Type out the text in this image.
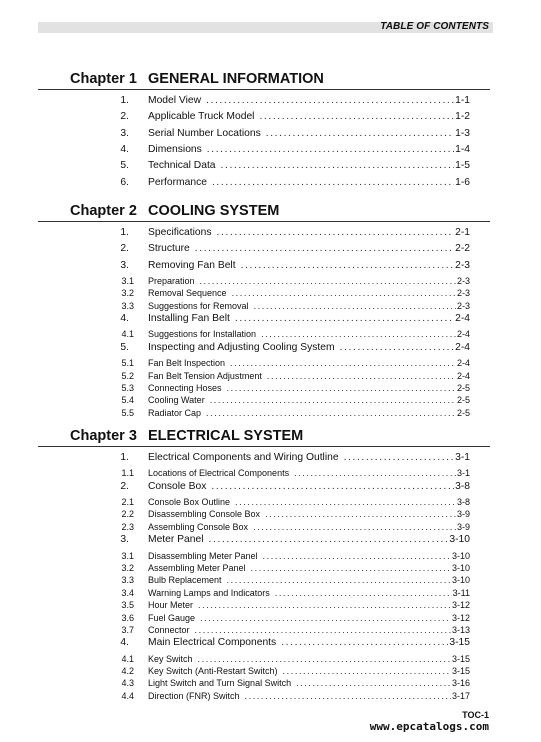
TABLE OF CONTENTS
Chapter 1 GENERAL INFORMATION
1. Model View .....	1-1
2. Applicable Truck Model .....	1-2
3. Serial Number Locations .....	1-3
4. Dimensions .....	1-4
5. Technical Data .....	1-5
6. Performance .....	1-6
Chapter 2 COOLING SYSTEM
1. Specifications .....	2-1
2. Structure .....	2-2
3. Removing Fan Belt .....	2-3
3.1 Preparation .....	2-3
3.2 Removal Sequence .....	2-3
3.3 Suggestions for Removal .....	2-3
4. Installing Fan Belt .....	2-4
4.1 Suggestions for Installation .....	2-4
5. Inspecting and Adjusting Cooling System .....	2-4
5.1 Fan Belt Inspection .....	2-4
5.2 Fan Belt Tension Adjustment .....	2-4
5.3 Connecting Hoses .....	2-5
5.4 Cooling Water .....	2-5
5.5 Radiator Cap .....	2-5
Chapter 3 ELECTRICAL SYSTEM
1. Electrical Components and Wiring Outline .....	3-1
1.1 Locations of Electrical Components .....	3-1
2. Console Box .....	3-8
2.1 Console Box Outline .....	3-8
2.2 Disassembling Console Box .....	3-9
2.3 Assembling Console Box .....	3-9
3. Meter Panel .....	3-10
3.1 Disassembling Meter Panel .....	3-10
3.2 Assembling Meter Panel .....	3-10
3.3 Bulb Replacement .....	3-10
3.4 Warning Lamps and Indicators .....	3-11
3.5 Hour Meter .....	3-12
3.6 Fuel Gauge .....	3-12
3.7 Connector .....	3-13
4. Main Electrical Components .....	3-15
4.1 Key Switch .....	3-15
4.2 Key Switch (Anti-Restart Switch) .....	3-15
4.3 Light Switch and Turn Signal Switch .....	3-16
4.4 Direction (FNR) Switch .....	3-17
TOC-1
www.epcatalogs.com
